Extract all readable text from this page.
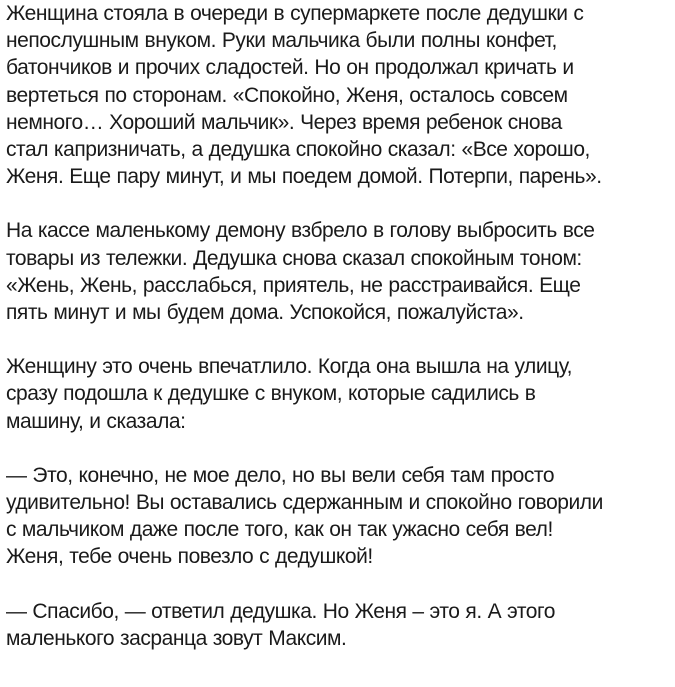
Женщина стояла в очереди в супермаркете после дедушки с
непослушным внуком. Руки мальчика были полны конфет,
батончиков и прочих сладостей. Но он продолжал кричать и
вертеться по сторонам. «Спокойно, Женя, осталось совсем
немного… Хороший мальчик». Через время ребенок снова
стал капризничать, а дедушка спокойно сказал: «Все хорошо,
Женя. Еще пару минут, и мы поедем домой. Потерпи, парень».

На кассе маленькому демону взбрело в голову выбросить все
товары из тележки. Дедушка снова сказал спокойным тоном:
«Жень, Жень, расслабься, приятель, не расстраивайся. Еще
пять минут и мы будем дома. Успокойся, пожалуйста».

Женщину это очень впечатлило. Когда она вышла на улицу,
сразу подошла к дедушке с внуком, которые садились в
машину, и сказала:

— Это, конечно, не мое дело, но вы вели себя там просто
удивительно! Вы оставались сдержанным и спокойно говорили
с мальчиком даже после того, как он так ужасно себя вел!
Женя, тебе очень повезло с дедушкой!

— Спасибо, — ответил дедушка. Но Женя – это я. А этого
маленького засранца зовут Максим.
